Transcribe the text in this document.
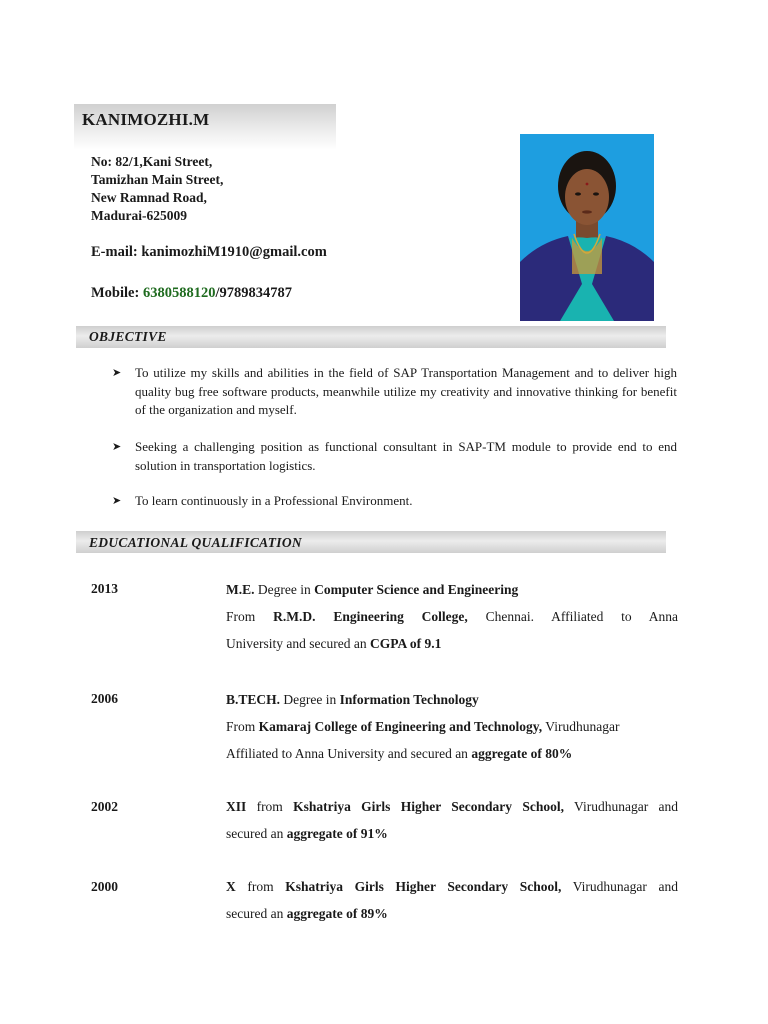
KANIMOZHI.M
No: 82/1,Kani Street,
Tamizhan Main Street,
New Ramnad Road,
Madurai-625009
E-mail: kanimozhiM1910@gmail.com
Mobile: 6380588120/9789834787
OBJECTIVE
➤ To utilize my skills and abilities in the field of SAP Transportation Management and to deliver high quality bug free software products, meanwhile utilize my creativity and innovative thinking for benefit of the organization and myself.
➤ Seeking a challenging position as functional consultant in SAP-TM module to provide end to end solution in transportation logistics.
➤ To learn continuously in a Professional Environment.
EDUCATIONAL QUALIFICATION
2013	M.E. Degree in Computer Science and Engineering
From R.M.D. Engineering College, Chennai. Affiliated to Anna
University and secured an CGPA of 9.1
2006	B.TECH. Degree in Information Technology
From Kamaraj College of Engineering and Technology, Virudhunagar
Affiliated to Anna University and secured an aggregate of 80%
2002	XII from Kshatriya Girls Higher Secondary School, Virudhunagar and
secured an aggregate of 91%
2000	X from Kshatriya Girls Higher Secondary School, Virudhunagar and
secured an aggregate of 89%
